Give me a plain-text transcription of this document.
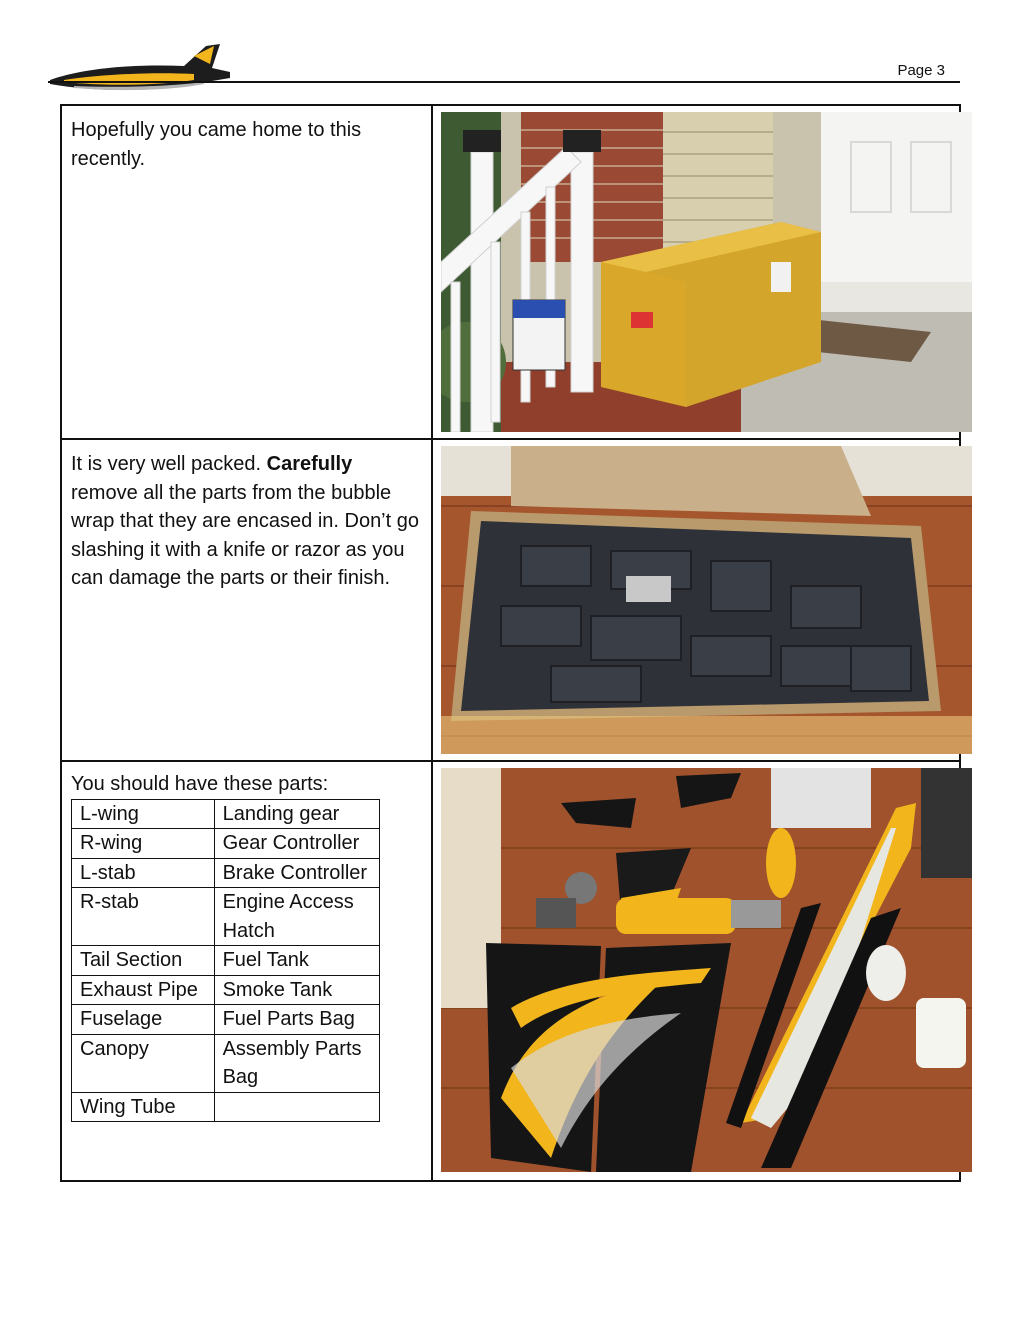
Page 3
Hopefully you came home to this recently.	

It is very well packed. Carefully remove all the parts from the bubble wrap that they are encased in. Don’t go slashing it with a knife or razor as you can damage the parts or their finish.	

You should have these parts:
L-wing	Landing gear
R-wing	Gear Controller
L-stab	Brake Controller
R-stab	Engine Access Hatch
Tail Section	Fuel Tank
Exhaust Pipe	Smoke Tank
Fuselage	Fuel Parts Bag
Canopy	Assembly Parts Bag
Wing Tube	
